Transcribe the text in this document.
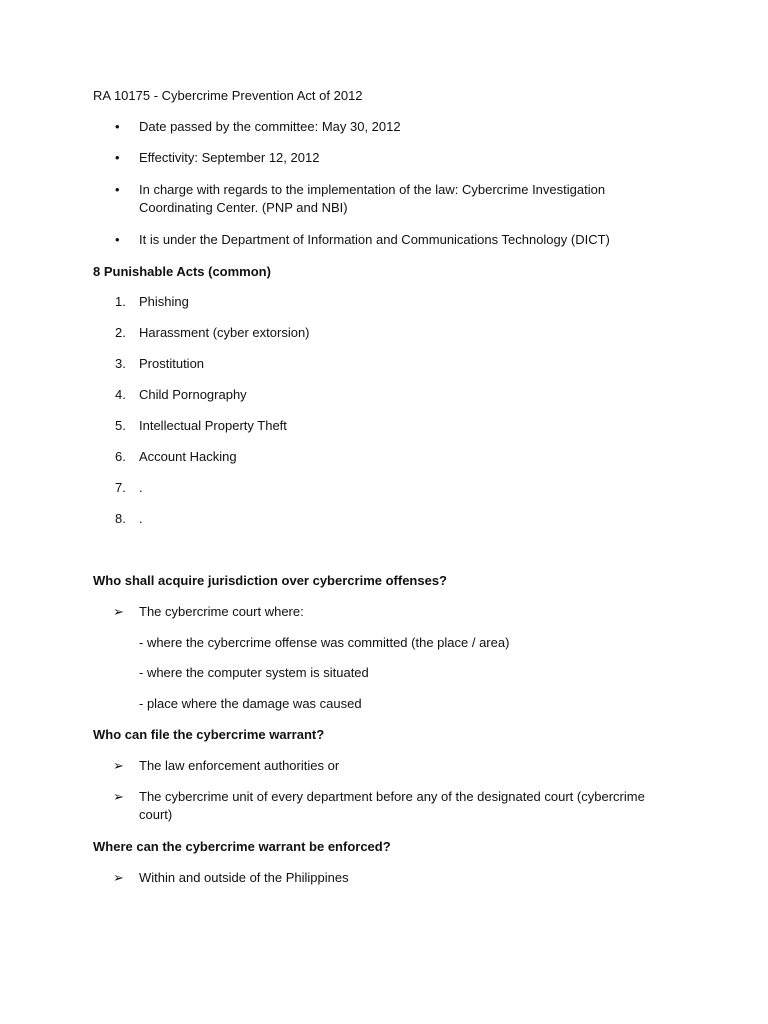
RA 10175 - Cybercrime Prevention Act of 2012
•	Date passed by the committee: May 30, 2012
•	Effectivity: September 12, 2012
•	In charge with regards to the implementation of the law: Cybercrime Investigation Coordinating Center. (PNP and NBI)
•	It is under the Department of Information and Communications Technology (DICT)
8 Punishable Acts (common)
1.	Phishing
2.	Harassment (cyber extorsion)
3.	Prostitution
4.	Child Pornography
5.	Intellectual Property Theft
6.	Account Hacking
7.	.
8.	.
Who shall acquire jurisdiction over cybercrime offenses?
➢ The cybercrime court where:
- where the cybercrime offense was committed (the place / area)
- where the computer system is situated
- place where the damage was caused
Who can file the cybercrime warrant?
➢ The law enforcement authorities or
➢ The cybercrime unit of every department before any of the designated court (cybercrime court)
Where can the cybercrime warrant be enforced?
➢ Within and outside of the Philippines
